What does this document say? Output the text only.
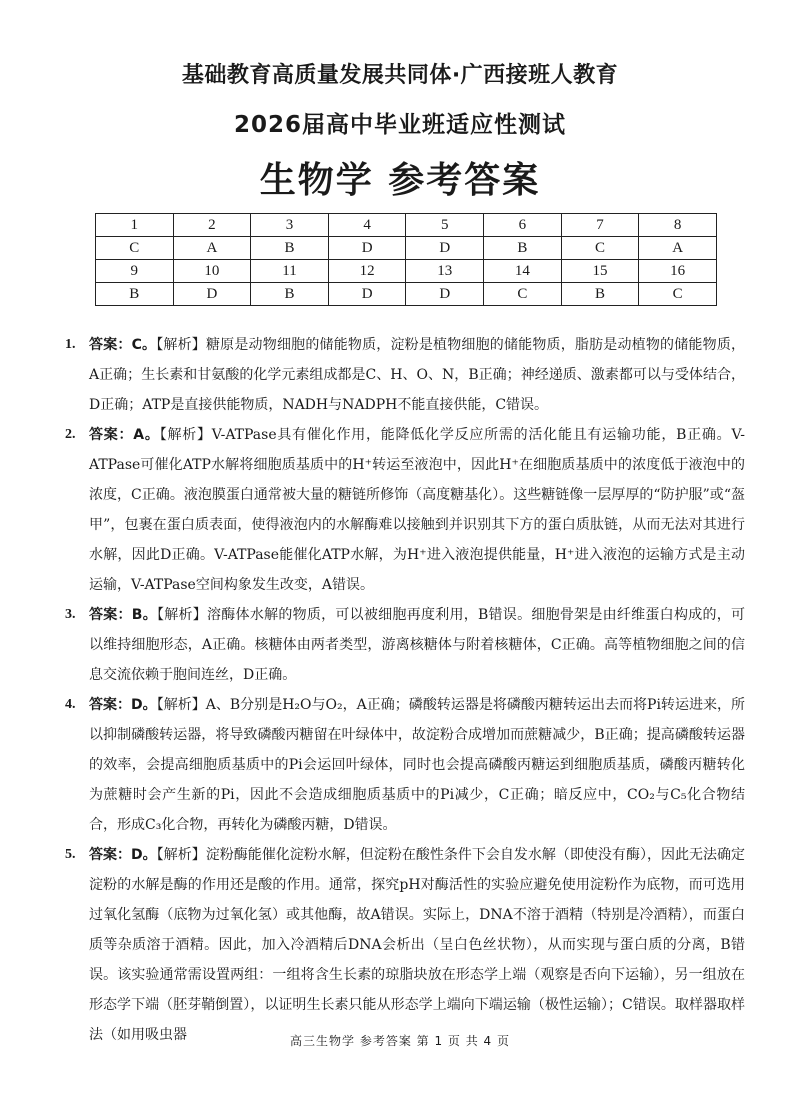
基础教育高质量发展共同体·广西接班人教育
2026届高中毕业班适应性测试
生物学 参考答案
1	2	3	4	5	6	7	8
C	A	B	D	D	B	C	A
9	10	11	12	13	14	15	16
B	D	B	D	D	C	B	C
1. 答案：C。【解析】糖原是动物细胞的储能物质，淀粉是植物细胞的储能物质，脂肪是动植物的储能物质，A正确；生长素和甘氨酸的化学元素组成都是C、H、O、N，B正确；神经递质、激素都可以与受体结合，D正确；ATP是直接供能物质，NADH与NADPH不能直接供能，C错误。
2. 答案：A。【解析】V-ATPase具有催化作用，能降低化学反应所需的活化能且有运输功能，B正确。V-ATPase可催化ATP水解将细胞质基质中的H⁺转运至液泡中，因此H⁺在细胞质基质中的浓度低于液泡中的浓度，C正确。液泡膜蛋白通常被大量的糖链所修饰（高度糖基化）。这些糖链像一层厚厚的“防护服”或“盔甲”，包裹在蛋白质表面，使得液泡内的水解酶难以接触到并识别其下方的蛋白质肽链，从而无法对其进行水解，因此D正确。V-ATPase能催化ATP水解，为H⁺进入液泡提供能量，H⁺进入液泡的运输方式是主动运输，V-ATPase空间构象发生改变，A错误。
3. 答案：B。【解析】溶酶体水解的物质，可以被细胞再度利用，B错误。细胞骨架是由纤维蛋白构成的，可以维持细胞形态，A正确。核糖体由两者类型，游离核糖体与附着核糖体，C正确。高等植物细胞之间的信息交流依赖于胞间连丝，D正确。
4. 答案：D。【解析】A、B分别是H₂O与O₂，A正确；磷酸转运器是将磷酸丙糖转运出去而将Pi转运进来，所以抑制磷酸转运器，将导致磷酸丙糖留在叶绿体中，故淀粉合成增加而蔗糖减少，B正确；提高磷酸转运器的效率，会提高细胞质基质中的Pi会运回叶绿体，同时也会提高磷酸丙糖运到细胞质基质，磷酸丙糖转化为蔗糖时会产生新的Pi，因此不会造成细胞质基质中的Pi减少，C正确；暗反应中，CO₂与C₅化合物结合，形成C₃化合物，再转化为磷酸丙糖，D错误。
5. 答案：D。【解析】淀粉酶能催化淀粉水解，但淀粉在酸性条件下会自发水解（即使没有酶），因此无法确定淀粉的水解是酶的作用还是酸的作用。通常，探究pH对酶活性的实验应避免使用淀粉作为底物，而可选用过氧化氢酶（底物为过氧化氢）或其他酶，故A错误。实际上，DNA不溶于酒精（特别是冷酒精），而蛋白质等杂质溶于酒精。因此，加入冷酒精后DNA会析出（呈白色丝状物），从而实现与蛋白质的分离，B错误。该实验通常需设置两组：一组将含生长素的琼脂块放在形态学上端（观察是否向下运输），另一组放在形态学下端（胚芽鞘倒置），以证明生长素只能从形态学上端向下端运输（极性运输）；C错误。取样器取样法（如用吸虫器	高三生物学 参考答案 第 1 页 共 4 页
